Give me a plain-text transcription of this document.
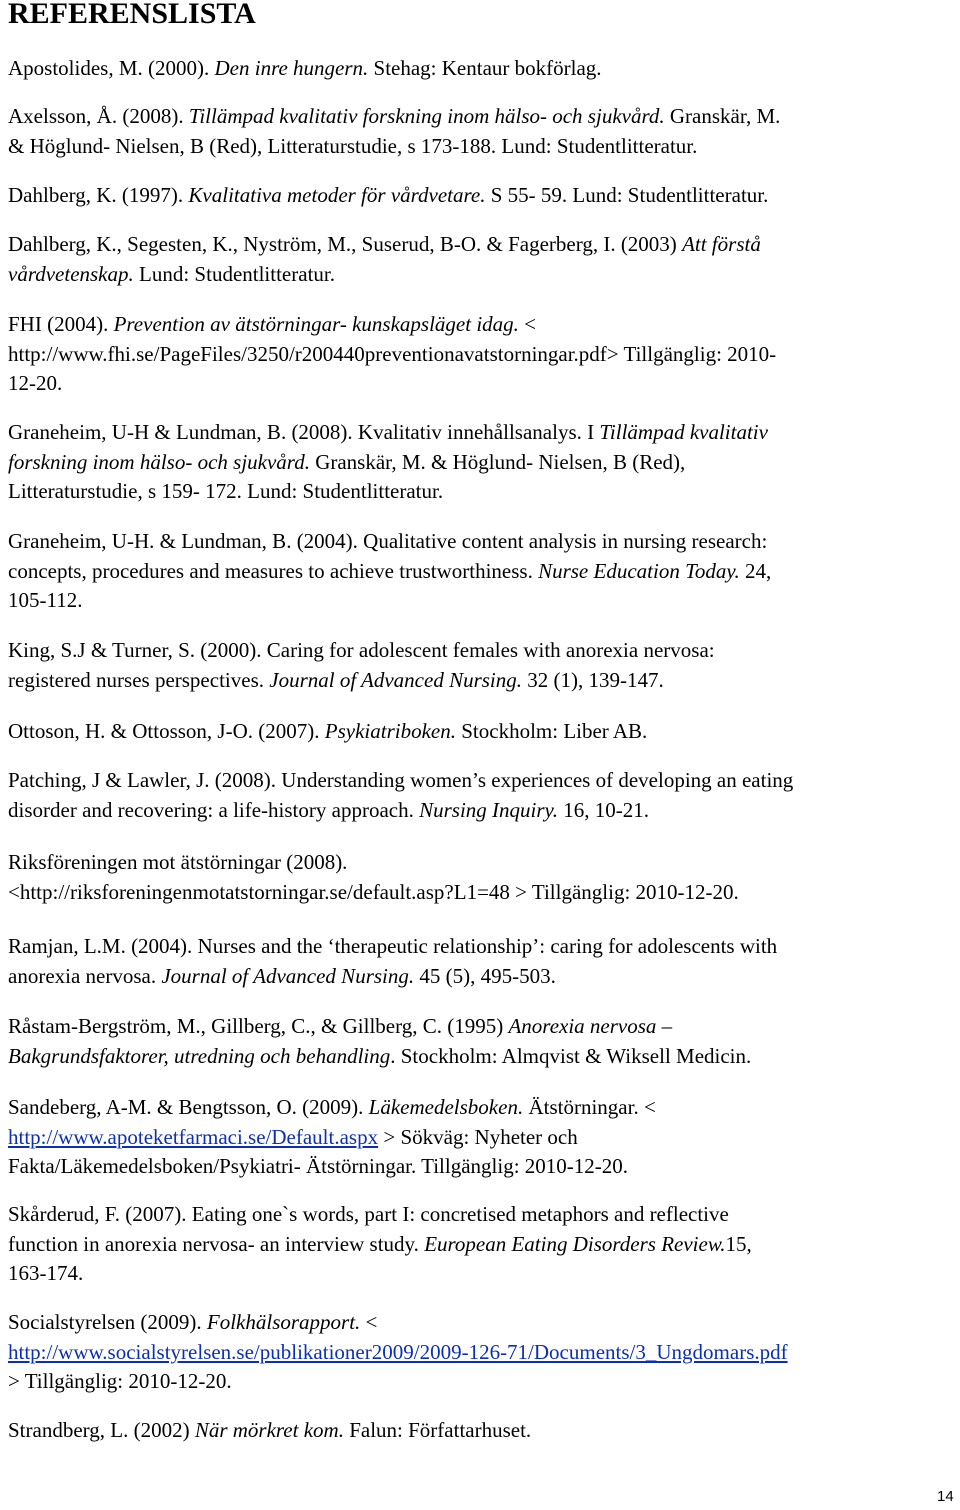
REFERENSLISTA

Apostolides, M. (2000). Den inre hungern. Stehag: Kentaur bokförlag.

Axelsson, Å. (2008). Tillämpad kvalitativ forskning inom hälso- och sjukvård. Granskär, M.
& Höglund- Nielsen, B (Red), Litteraturstudie, s 173-188. Lund: Studentlitteratur.

Dahlberg, K. (1997). Kvalitativa metoder för vårdvetare. S 55- 59. Lund: Studentlitteratur.

Dahlberg, K., Segesten, K., Nyström, M., Suserud, B-O. & Fagerberg, I. (2003) Att förstå
vårdvetenskap. Lund: Studentlitteratur.

FHI (2004). Prevention av ätstörningar- kunskapsläget idag. <
http://www.fhi.se/PageFiles/3250/r200440preventionavatstorningar.pdf> Tillgänglig: 2010-
12-20.

Graneheim, U-H & Lundman, B. (2008). Kvalitativ innehållsanalys. I Tillämpad kvalitativ
forskning inom hälso- och sjukvård. Granskär, M. & Höglund- Nielsen, B (Red),
Litteraturstudie, s 159- 172. Lund: Studentlitteratur.

Graneheim, U-H. & Lundman, B. (2004). Qualitative content analysis in nursing research:
concepts, procedures and measures to achieve trustworthiness. Nurse Education Today. 24,
105-112.

King, S.J & Turner, S. (2000). Caring for adolescent females with anorexia nervosa:
registered nurses perspectives. Journal of Advanced Nursing. 32 (1), 139-147.

Ottoson, H. & Ottosson, J-O. (2007). Psykiatriboken. Stockholm: Liber AB.

Patching, J & Lawler, J. (2008). Understanding women’s experiences of developing an eating
disorder and recovering: a life-history approach. Nursing Inquiry. 16, 10-21.

Riksföreningen mot ätstörningar (2008).
<http://riksforeningenmotatstorningar.se/default.asp?L1=48 > Tillgänglig: 2010-12-20.

Ramjan, L.M. (2004). Nurses and the ‘therapeutic relationship’: caring for adolescents with
anorexia nervosa. Journal of Advanced Nursing. 45 (5), 495-503.

Råstam-Bergström, M., Gillberg, C., & Gillberg, C. (1995) Anorexia nervosa –
Bakgrundsfaktorer, utredning och behandling. Stockholm: Almqvist & Wiksell Medicin.

Sandeberg, A-M. & Bengtsson, O. (2009). Läkemedelsboken. Ätstörningar. <
http://www.apoteketfarmaci.se/Default.aspx > Sökväg: Nyheter och
Fakta/Läkemedelsboken/Psykiatri- Ätstörningar. Tillgänglig: 2010-12-20.

Skårderud, F. (2007). Eating one`s words, part I: concretised metaphors and reflective
function in anorexia nervosa- an interview study. European Eating Disorders Review.15,
163-174.

Socialstyrelsen (2009). Folkhälsorapport. <
http://www.socialstyrelsen.se/publikationer2009/2009-126-71/Documents/3_Ungdomars.pdf
> Tillgänglig: 2010-12-20.

Strandberg, L. (2002) När mörkret kom. Falun: Författarhuset.

14
